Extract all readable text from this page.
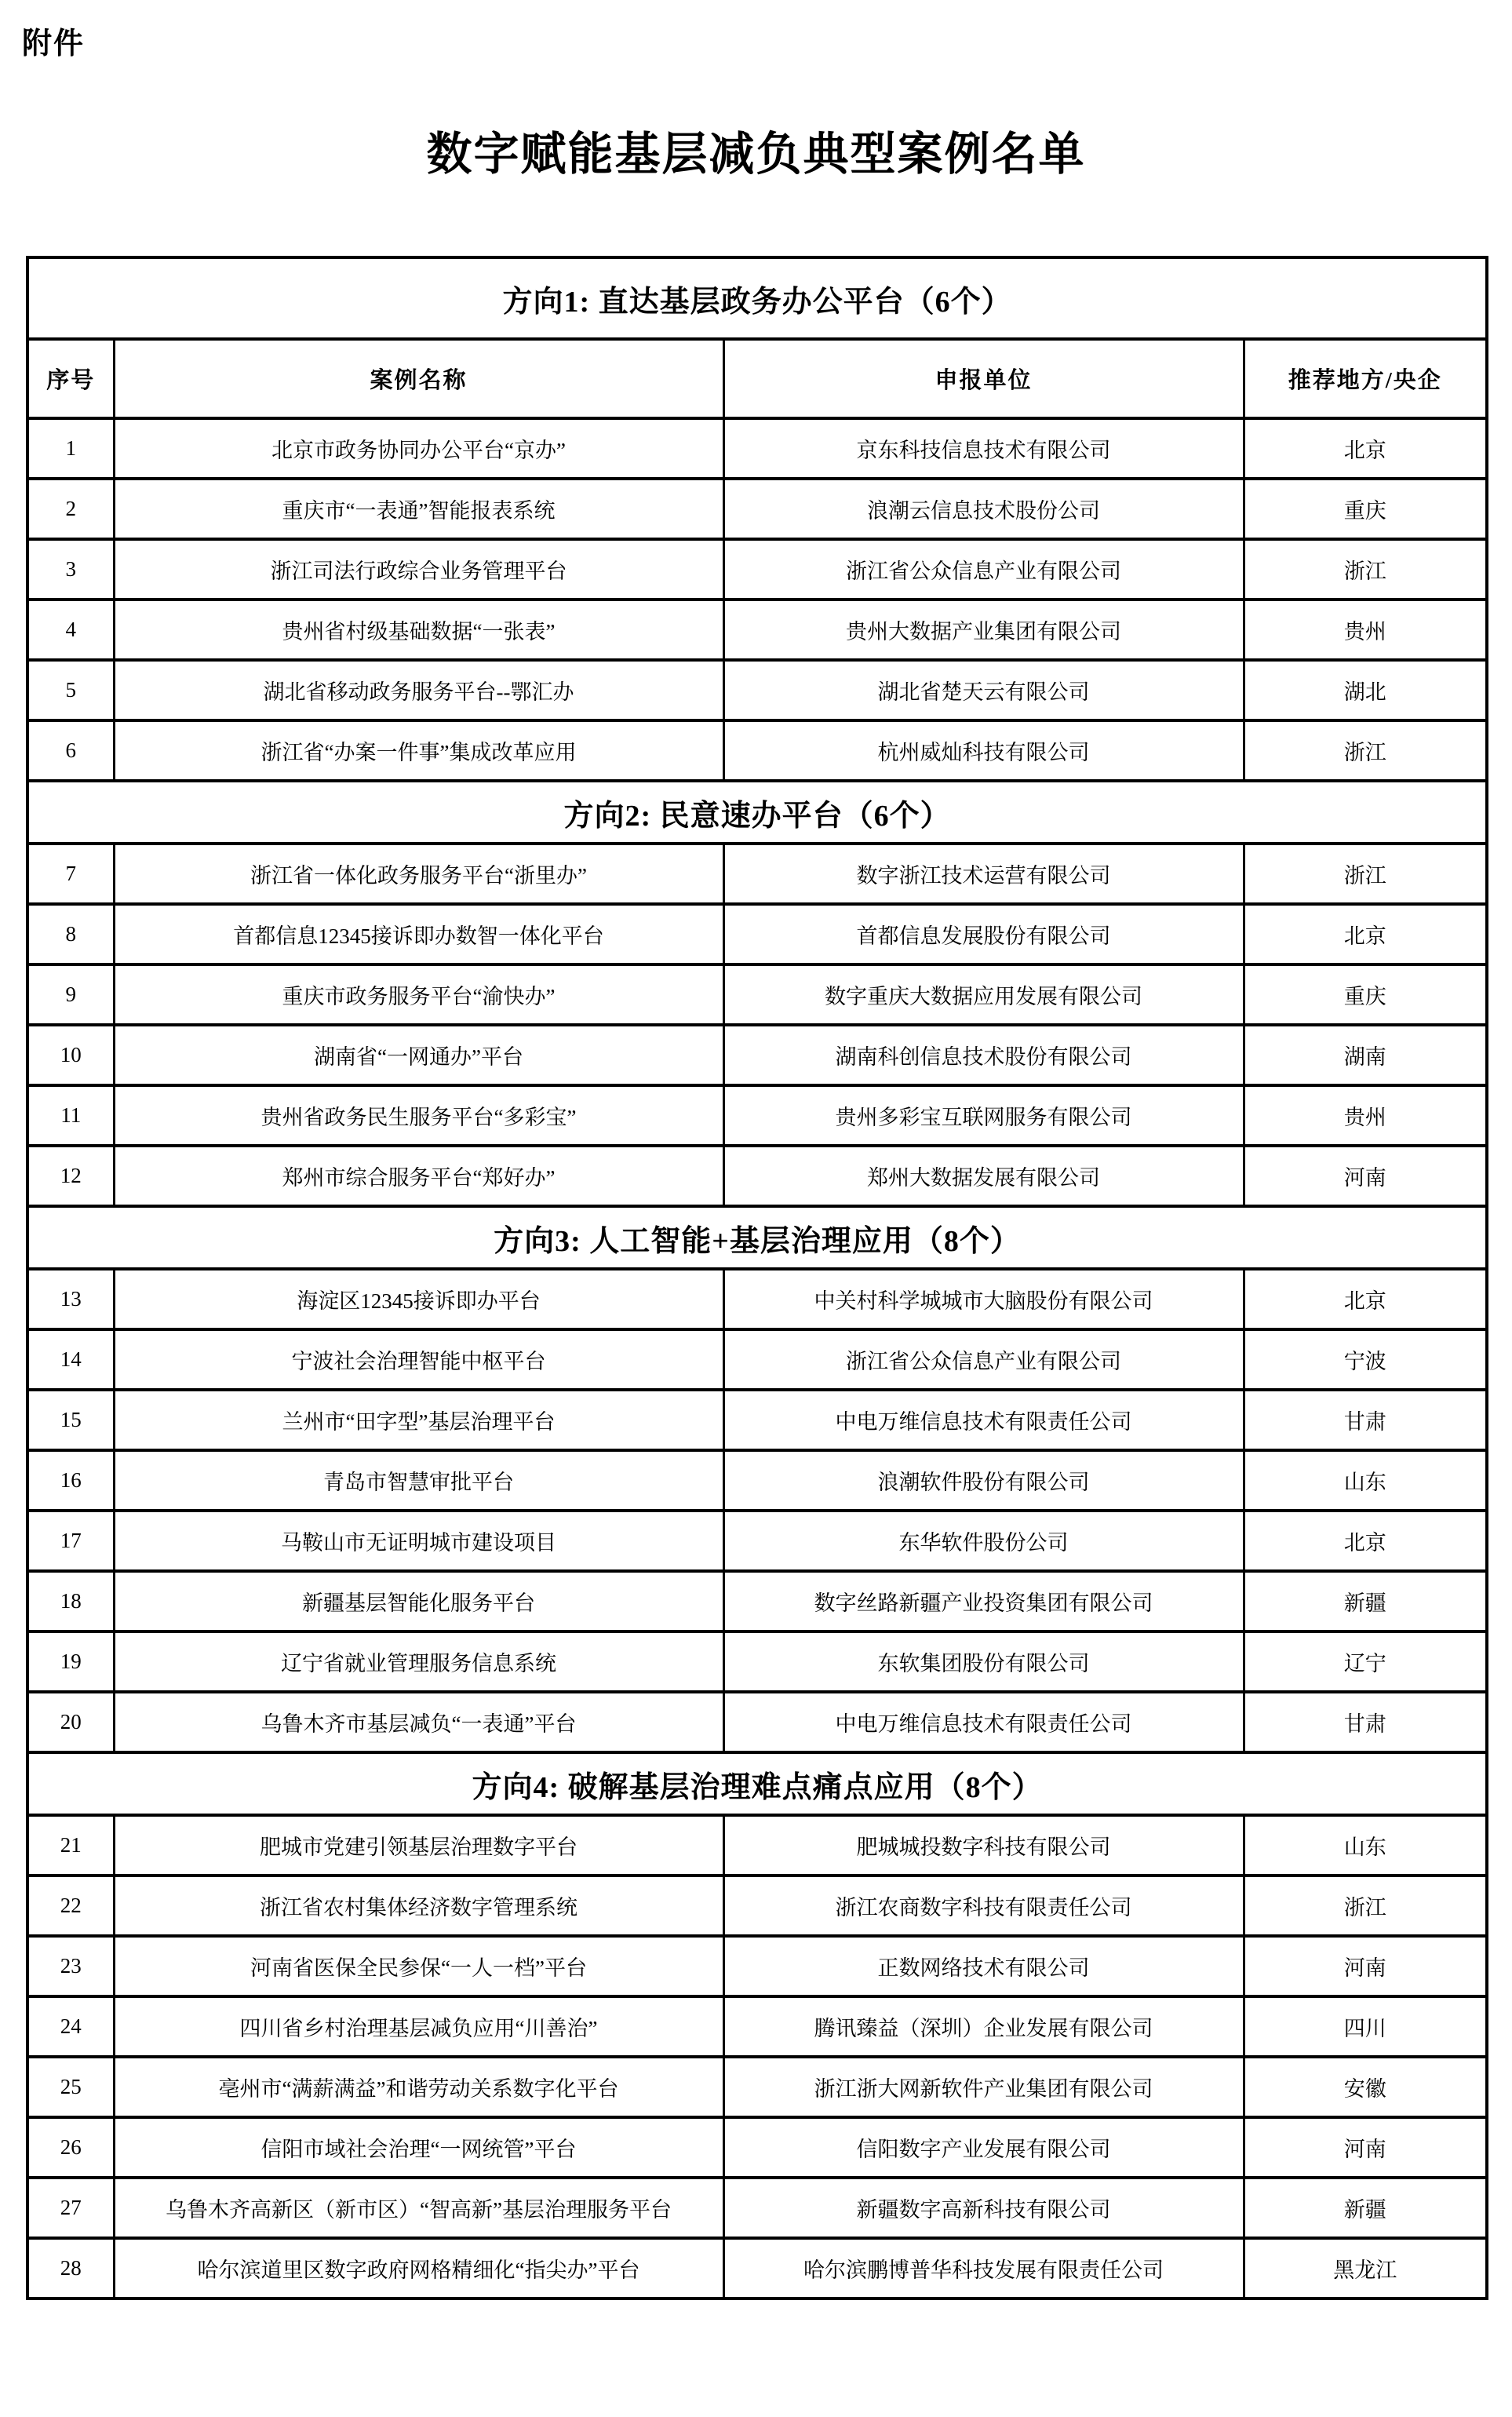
附件
数字赋能基层减负典型案例名单
方向1: 直达基层政务办公平台（6个）			
序号	案例名称	申报单位	推荐地方/央企
1	北京市政务协同办公平台“京办”	京东科技信息技术有限公司	北京
2	重庆市“一表通”智能报表系统	浪潮云信息技术股份公司	重庆
3	浙江司法行政综合业务管理平台	浙江省公众信息产业有限公司	浙江
4	贵州省村级基础数据“一张表”	贵州大数据产业集团有限公司	贵州
5	湖北省移动政务服务平台--鄂汇办	湖北省楚天云有限公司	湖北
6	浙江省“办案一件事”集成改革应用	杭州威灿科技有限公司	浙江
方向2: 民意速办平台（6个）			
7	浙江省一体化政务服务平台“浙里办”	数字浙江技术运营有限公司	浙江
8	首都信息12345接诉即办数智一体化平台	首都信息发展股份有限公司	北京
9	重庆市政务服务平台“渝快办”	数字重庆大数据应用发展有限公司	重庆
10	湖南省“一网通办”平台	湖南科创信息技术股份有限公司	湖南
11	贵州省政务民生服务平台“多彩宝”	贵州多彩宝互联网服务有限公司	贵州
12	郑州市综合服务平台“郑好办”	郑州大数据发展有限公司	河南
方向3: 人工智能+基层治理应用（8个）			
13	海淀区12345接诉即办平台	中关村科学城城市大脑股份有限公司	北京
14	宁波社会治理智能中枢平台	浙江省公众信息产业有限公司	宁波
15	兰州市“田字型”基层治理平台	中电万维信息技术有限责任公司	甘肃
16	青岛市智慧审批平台	浪潮软件股份有限公司	山东
17	马鞍山市无证明城市建设项目	东华软件股份公司	北京
18	新疆基层智能化服务平台	数字丝路新疆产业投资集团有限公司	新疆
19	辽宁省就业管理服务信息系统	东软集团股份有限公司	辽宁
20	乌鲁木齐市基层减负“一表通”平台	中电万维信息技术有限责任公司	甘肃
方向4: 破解基层治理难点痛点应用（8个）			
21	肥城市党建引领基层治理数字平台	肥城城投数字科技有限公司	山东
22	浙江省农村集体经济数字管理系统	浙江农商数字科技有限责任公司	浙江
23	河南省医保全民参保“一人一档”平台	正数网络技术有限公司	河南
24	四川省乡村治理基层减负应用“川善治”	腾讯臻益（深圳）企业发展有限公司	四川
25	亳州市“满薪满益”和谐劳动关系数字化平台	浙江浙大网新软件产业集团有限公司	安徽
26	信阳市域社会治理“一网统管”平台	信阳数字产业发展有限公司	河南
27	乌鲁木齐高新区（新市区）“智高新”基层治理服务平台	新疆数字高新科技有限公司	新疆
28	哈尔滨道里区数字政府网格精细化“指尖办”平台	哈尔滨鹏博普华科技发展有限责任公司	黑龙江
